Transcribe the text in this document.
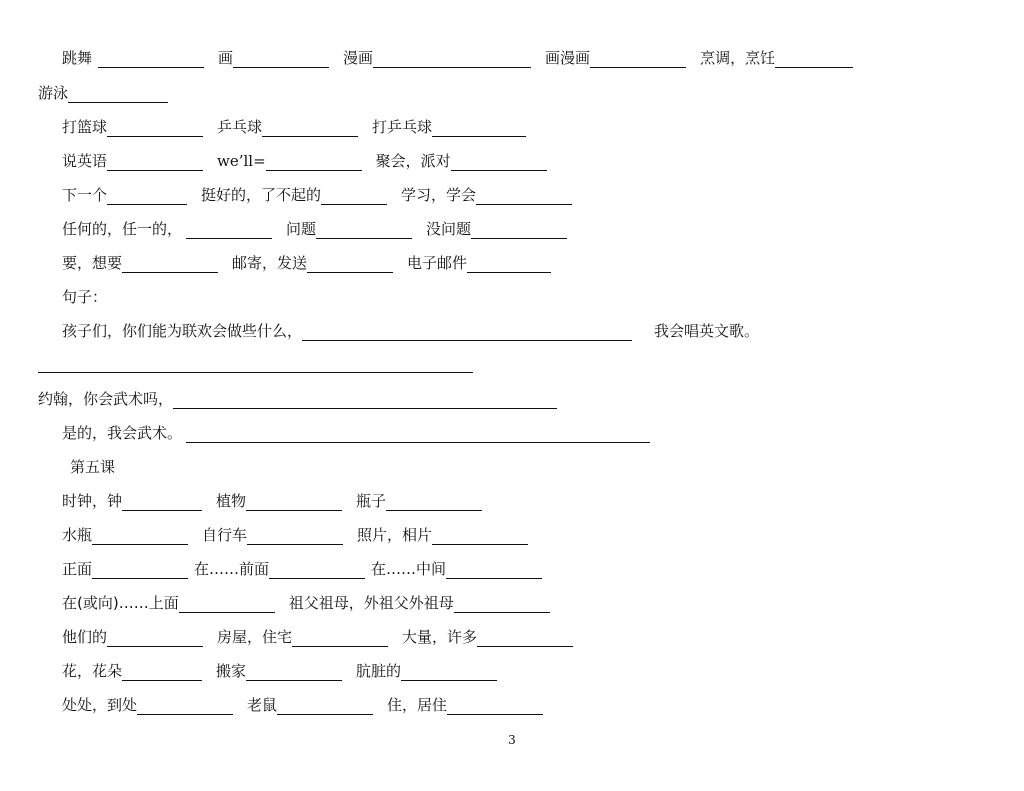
跳舞	画	漫画	画漫画	烹调，烹饪
游泳
打篮球	乒乓球	打乒乓球
说英语	we’ll=	聚会，派对
下一个	挺好的，了不起的	学习，学会
任何的，任一的，	问题	没问题
要，想要	邮寄，发送	电子邮件
句子：
孩子们，你们能为联欢会做些什么，	我会唱英文歌。
约翰，你会武术吗，
是的，我会武术。
第五课
时钟，钟	植物	瓶子
水瓶	自行车	照片，相片
正面	在……前面	在……中间
在(或向)……上面	祖父祖母，外祖父外祖母
他们的	房屋，住宅	大量，许多
花，花朵	搬家	肮脏的
处处，到处	老鼠	住，居住
3
